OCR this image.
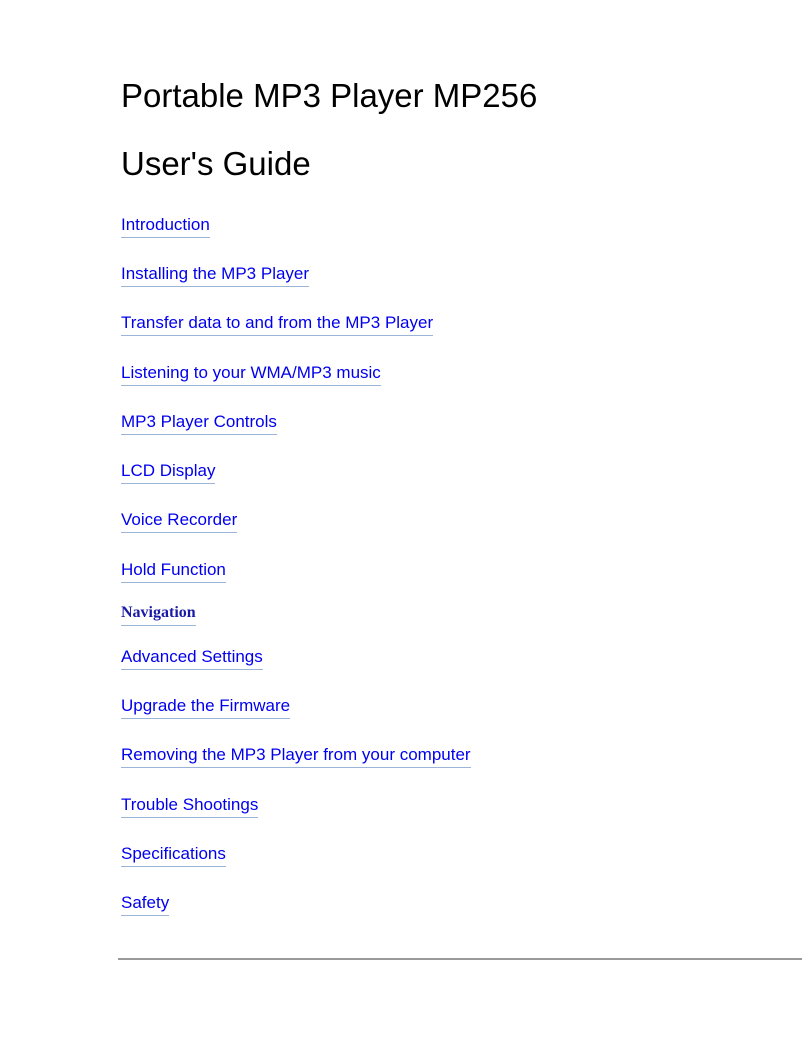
Portable MP3 Player MP256
User's Guide
Introduction
Installing the MP3 Player
Transfer data to and from the MP3 Player
Listening to your WMA/MP3 music
MP3 Player Controls
LCD Display
Voice Recorder
Hold Function
Navigation
Advanced Settings
Upgrade the Firmware
Removing the MP3 Player from your computer
Trouble Shootings
Specifications
Safety
